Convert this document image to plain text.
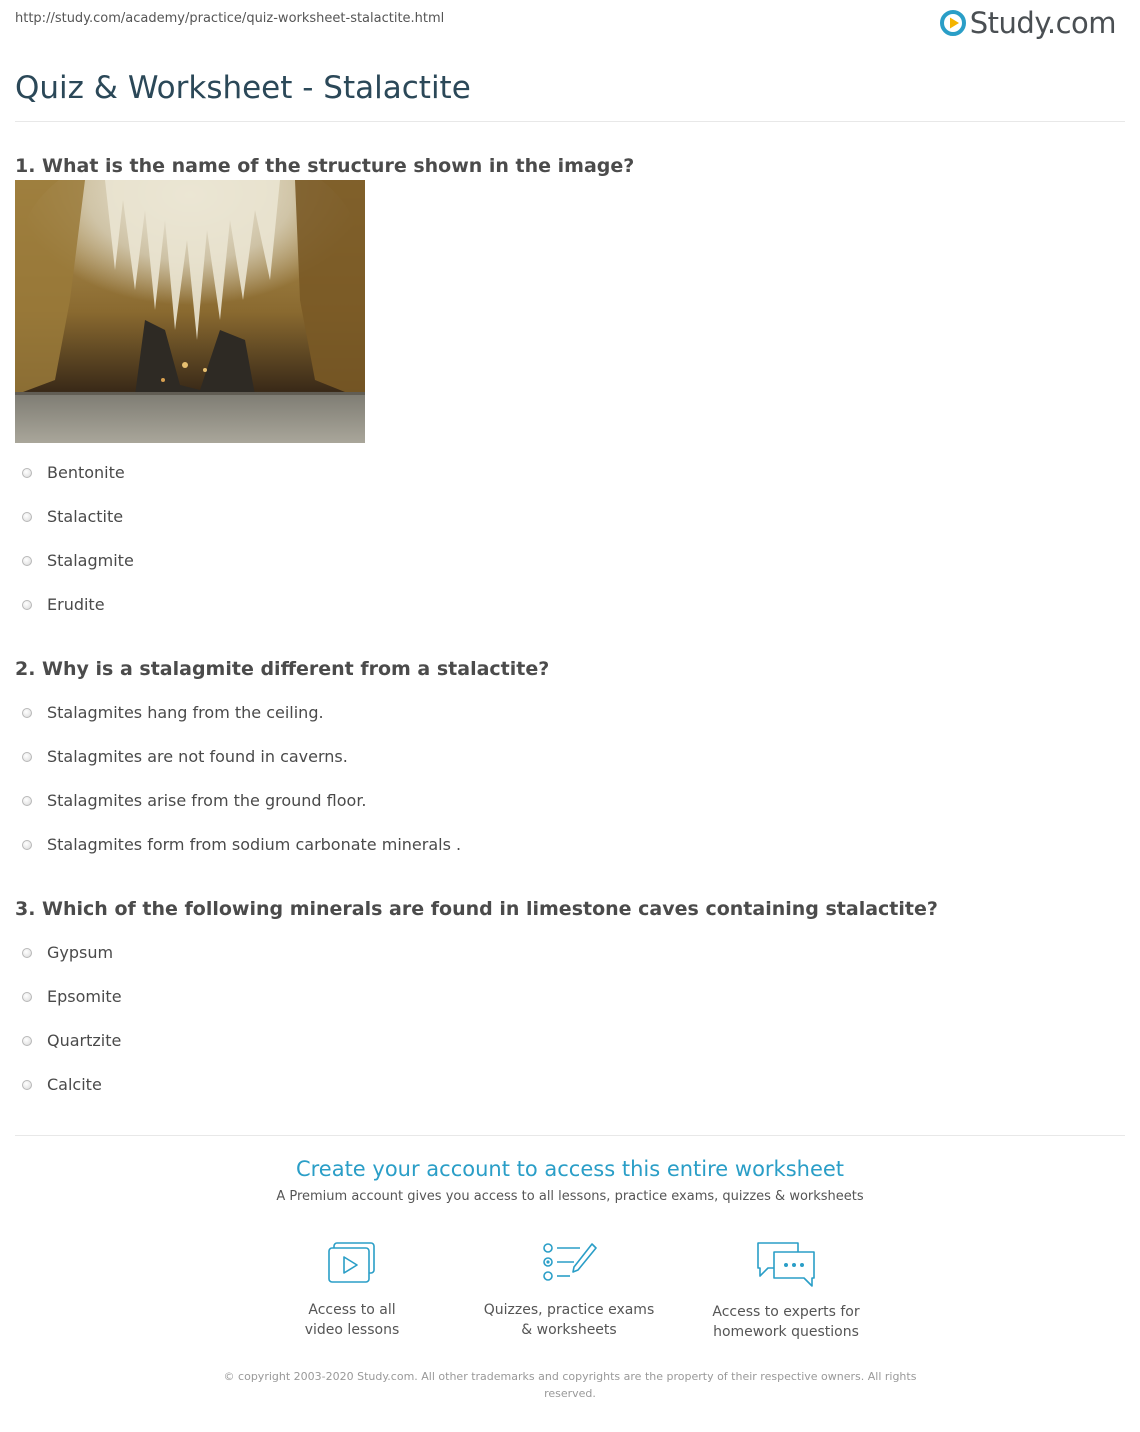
http://study.com/academy/practice/quiz-worksheet-stalactite.html	Study.com
Quiz & Worksheet - Stalactite
1. What is the name of the structure shown in the image?
Bentonite
Stalactite
Stalagmite
Erudite
2. Why is a stalagmite different from a stalactite?
Stalagmites hang from the ceiling.
Stalagmites are not found in caverns.
Stalagmites arise from the ground floor.
Stalagmites form from sodium carbonate minerals .
3. Which of the following minerals are found in limestone caves containing stalactite?
Gypsum
Epsomite
Quartzite
Calcite
Create your account to access this entire worksheet
A Premium account gives you access to all lessons, practice exams, quizzes & worksheets
Access to all
video lessons
Quizzes, practice exams
& worksheets
Access to experts for
homework questions
© copyright 2003-2020 Study.com. All other trademarks and copyrights are the property of their respective owners. All rights reserved.
